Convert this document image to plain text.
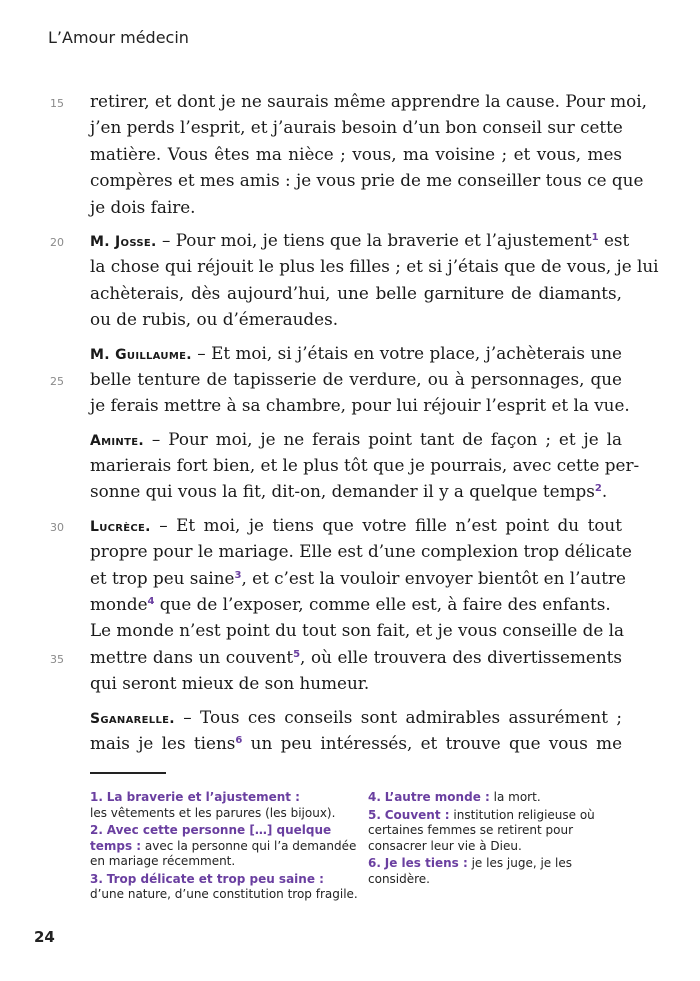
L’Amour médecin
15	retirer, et dont je ne saurais même apprendre la cause. Pour moi,
j’en perds l’esprit, et j’aurais besoin d’un bon conseil sur cette
matière. Vous êtes ma nièce ; vous, ma voisine ; et vous, mes
compères et mes amis : je vous prie de me conseiller tous ce que
je dois faire.
20	M. Josse. – Pour moi, je tiens que la braverie et l’ajustement$^1$ est
la chose qui réjouit le plus les filles ; et si j’étais que de vous, je lui
achèterais, dès aujourd’hui, une belle garniture de diamants,
ou de rubis, ou d’émeraudes.
M. Guillaume. – Et moi, si j’étais en votre place, j’achèterais une
25	belle tenture de tapisserie de verdure, ou à personnages, que
je ferais mettre à sa chambre, pour lui réjouir l’esprit et la vue.
Aminte. – Pour moi, je ne ferais point tant de façon ; et je la
marierais fort bien, et le plus tôt que je pourrais, avec cette per-
sonne qui vous la fit, dit-on, demander il y a quelque temps$^2$.
30	Lucrèce. – Et moi, je tiens que votre fille n’est point du tout
propre pour le mariage. Elle est d’une complexion trop délicate
et trop peu saine$^3$, et c’est la vouloir envoyer bientôt en l’autre
monde$^4$ que de l’exposer, comme elle est, à faire des enfants.
Le monde n’est point du tout son fait, et je vous conseille de la
35	mettre dans un couvent$^5$, où elle trouvera des divertissements
qui seront mieux de son humeur.
Sganarelle. – Tous ces conseils sont admirables assurément ;
mais je les tiens$^6$ un peu intéressés, et trouve que vous me
1. La braverie et l’ajustement :
les vêtements et les parures (les bijoux).
2. Avec cette personne […] quelque temps : avec la personne qui l’a demandée en mariage récemment.
3. Trop délicate et trop peu saine :
d’une nature, d’une constitution trop fragile.
4. L’autre monde : la mort.
5. Couvent : institution religieuse où certaines femmes se retirent pour consacrer leur vie à Dieu.
6. Je les tiens : je les juge, je les considère.
24
